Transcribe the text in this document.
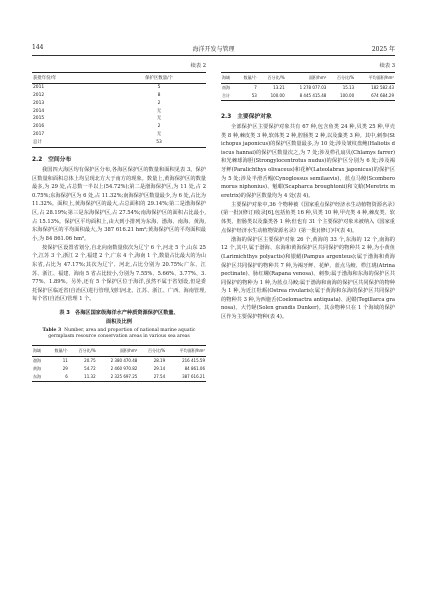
144	海洋开发与管理	2025 年
续表 2
获批年份/年	保护区数量/个
2011	5
2012	8
2013	2
2014	无
2015	无
2016	2
2017	无
总计	53
2.2　空间分布

我国四大海区均有保护区分布,各海区保护区的数量和面积见表 3。保护区数量和面积总体上均呈现北方大于南方的现象。数量上,黄海保护区的数量最多,为 29 处,占总数一半以上(54.72%);第二是渤海保护区,为 11 处,占 20.75%;东海保护区为 6 处,占 11.32%;南海保护区数量最少,为 6 处,占比为 11.32%。面积上,黄海保护区的最大,占总面积的 29.14%;第二是渤海保护区,占 28.19%;第三是东海保护区,占 27.54%;南海保护区的面积占比最小,占 15.13%。保护区平均面积上,由大到小排列为东海、渤海、南海、黄海,东海保护区的平均面积最大,为 387 616.21 hm²;黄海保护区的平均面积最小,为 84 861.06 hm²。

按保护区设置省划分,自北向南数量依次为辽宁 6 个,河北 5 个,山东 25 个,江苏 3 个,浙江 2 个,福建 2 个,广东 4 个,海南 1 个,数量占比最大的为山东省,占比为 47.17%;其次为辽宁、河北,占比分别为 20.75%;广东、江苏、浙江、福建、海南 5 省占比较小,分别为 7.55%、5.66%、3.77%、3.77%、1.89%。另外,还有 5 个保护区位于海洋,虽然不属于省划设,但是委托保护区临近省(自治区)进行管理,划归河北、江苏、浙江、广西、海南管理,每个省(自治区)管理 1 个。

表 3　各海区国家级海洋水产种质资源保护区数量、
面积及比例
Table 3 Number, area and proportion of national marine aquatic germplasm resource conservation areas in various sea areas
海域	数量/个	百分比/%	面积/hm²	百分比/%	平均面积/hm²
渤海	11	20.75	2 380 470.48	28.19	216 415.59
黄海	29	54.72	2 460 970.82	29.14	84 861.06
东海	6	11.32	2 325 697.25	27.54	387 616.21
续表 3
海域	数量/个	百分比/%	面积/hm²	百分比/%	平均面积/hm²
南海	7	13.21	1 278 077.03	15.13	182 582.43
合计	53	100.00	8 445 415.48	100.00	674 684.29
2.3　主要保护对象

全部保护区主要保护对象共有 67 种,包含鱼类 24 种,贝类 25 种,甲壳类 8 种,棘皮类 3 种,软体类 2 种,腔肠类 2 种,以及藻类 3 种。其中,刺参(Stichopus japonicus)的保护区数量最多,为 10 处;涉及皱纹盘鲍(Haliotis discus hannai)的保护区数量次之,为 7 处;涉及栉孔扇贝(Chlamys farrer)和光棘球海胆(Strongylocentrotus nudus)的保护区分别为 6 处;涉及褐牙鲆(Paralichthys olivaceus)和花鲈(Lateolabrax japonicus)的保护区为 5 处;涉及半滑舌鳎(Cynoglossus semilaevis)、蓝点马鲛(Scomberomorus niphonius)、魁蚶(Scapharca broughtonii)和文蛤(Meretrix meretrix)的保护区数量均为 4 处(表 4)。

主要保护对象中,36 个物种被《国家重点保护经济水生动植物资源名录》(第一批)(修订)收录[6],包括鱼类 16 种,贝类 10 种,甲壳类 4 种,棘皮类、软体类、腔肠类以及藻类各 1 种;但也有 31 个主要保护对象未被纳入《国家重点保护经济水生动植物资源名录》(第一批)(修订)中(表 4)。

渤海的保护区主要保护对象 26 个,黄海的 33 个,东海的 12 个,南海的 12 个,其中,属于渤海、东海和黄海保护区共同保护的物种共 2 种,为小黄鱼(Larimichthys polyactis)和银鲳(Pampus argenteus);属于渤海和黄海保护区共同保护的物种共 7 种,为褐牙鲆、花鲈、蓝点马鲛、栉江珧(Atrina pectinate)、脉红螺(Rapana venosa)、刺参;属于渤海和东海的保护区共同保护的物种为 1 种,为蓝点马鲛;属于渤海和南海的保护区共同保护的物种为 1 种,为近江牡蛎(Ostrea rivularis);属于黄海和东海的保护区共同保护的物种共 3 种,为西施舌(Coelomactra antiquata)、泥蚶(Tegillarca granosa)、大竹蛏(Solen grandis Dunker)。其余物种只在 1 个海域的保护区作为主要保护物种(表 4)。
